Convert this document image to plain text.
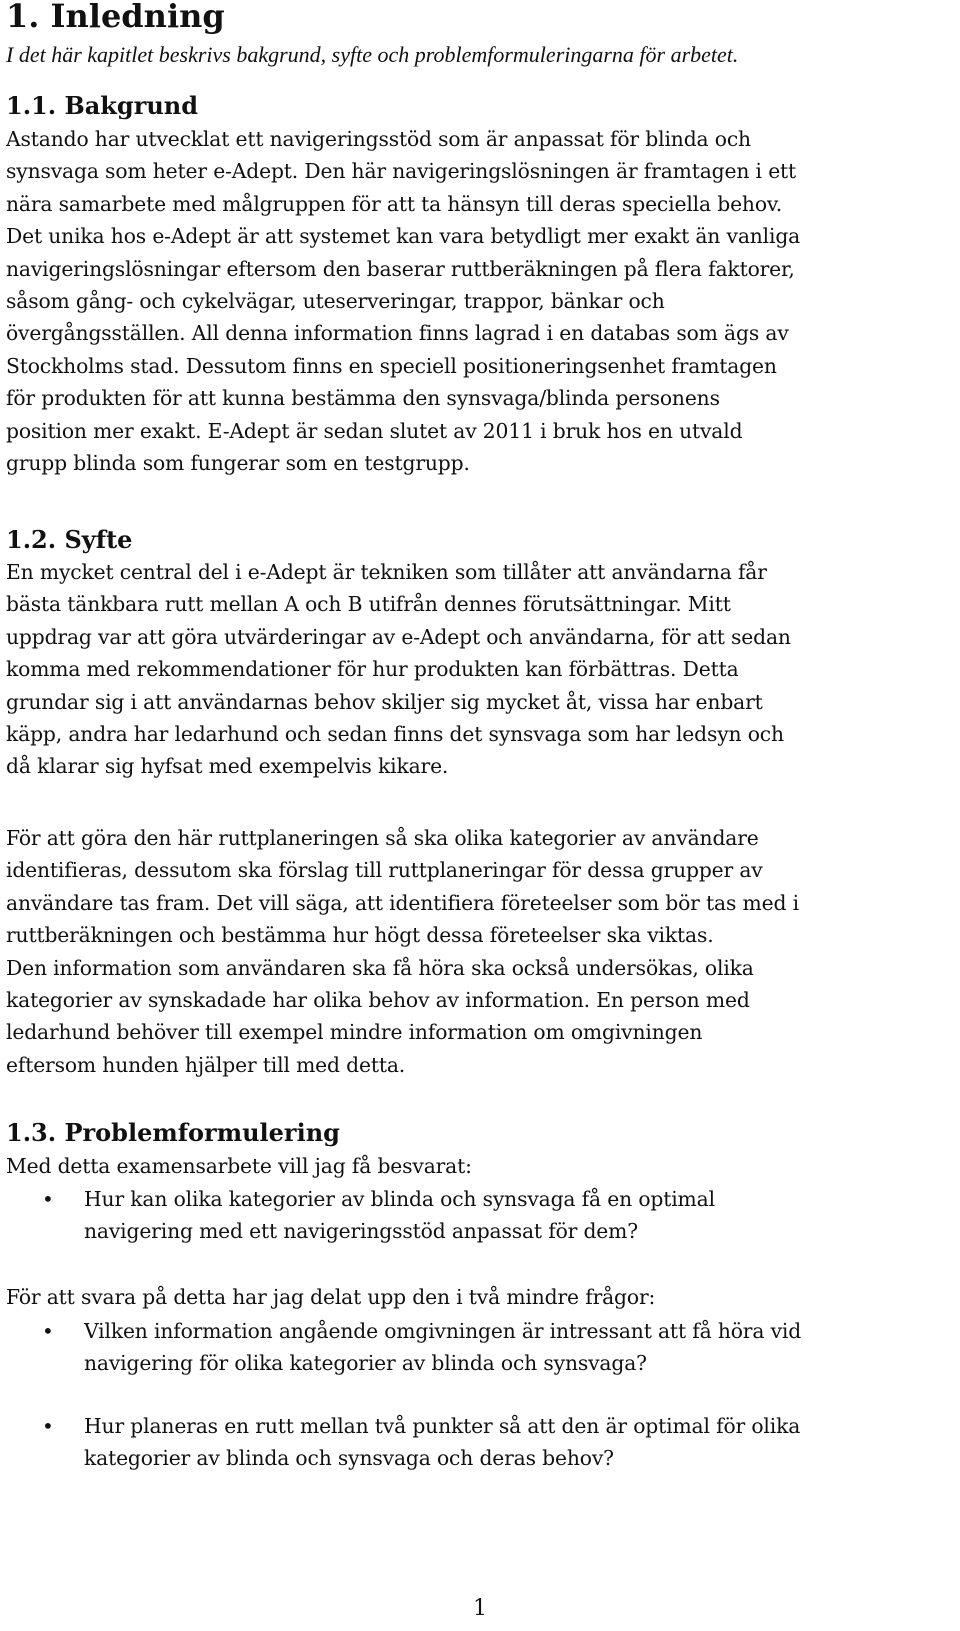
1. Inledning

I det här kapitlet beskrivs bakgrund, syfte och problemformuleringarna för arbetet.

1.1. Bakgrund
Astando har utvecklat ett navigeringsstöd som är anpassat för blinda och
synsvaga som heter e-Adept. Den här navigeringslösningen är framtagen i ett
nära samarbete med målgruppen för att ta hänsyn till deras speciella behov.
Det unika hos e-Adept är att systemet kan vara betydligt mer exakt än vanliga
navigeringslösningar eftersom den baserar ruttberäkningen på flera faktorer,
såsom gång- och cykelvägar, uteserveringar, trappor, bänkar och
övergångsställen. All denna information finns lagrad i en databas som ägs av
Stockholms stad. Dessutom finns en speciell positioneringsenhet framtagen
för produkten för att kunna bestämma den synsvaga/blinda personens
position mer exakt. E-Adept är sedan slutet av 2011 i bruk hos en utvald
grupp blinda som fungerar som en testgrupp.
1.2. Syfte
En mycket central del i e-Adept är tekniken som tillåter att användarna får
bästa tänkbara rutt mellan A och B utifrån dennes förutsättningar. Mitt
uppdrag var att göra utvärderingar av e-Adept och användarna, för att sedan
komma med rekommendationer för hur produkten kan förbättras. Detta
grundar sig i att användarnas behov skiljer sig mycket åt, vissa har enbart
käpp, andra har ledarhund och sedan finns det synsvaga som har ledsyn och
då klarar sig hyfsat med exempelvis kikare.
För att göra den här ruttplaneringen så ska olika kategorier av användare
identifieras, dessutom ska förslag till ruttplaneringar för dessa grupper av
användare tas fram. Det vill säga, att identifiera företeelser som bör tas med i
ruttberäkningen och bestämma hur högt dessa företeelser ska viktas.
Den information som användaren ska få höra ska också undersökas, olika
kategorier av synskadade har olika behov av information. En person med
ledarhund behöver till exempel mindre information om omgivningen
eftersom hunden hjälper till med detta.
1.3. Problemformulering
Med detta examensarbete vill jag få besvarat:
• Hur kan olika kategorier av blinda och synsvaga få en optimal
navigering med ett navigeringsstöd anpassat för dem?
För att svara på detta har jag delat upp den i två mindre frågor:
• Vilken information angående omgivningen är intressant att få höra vid
navigering för olika kategorier av blinda och synsvaga?
• Hur planeras en rutt mellan två punkter så att den är optimal för olika
kategorier av blinda och synsvaga och deras behov?
1
